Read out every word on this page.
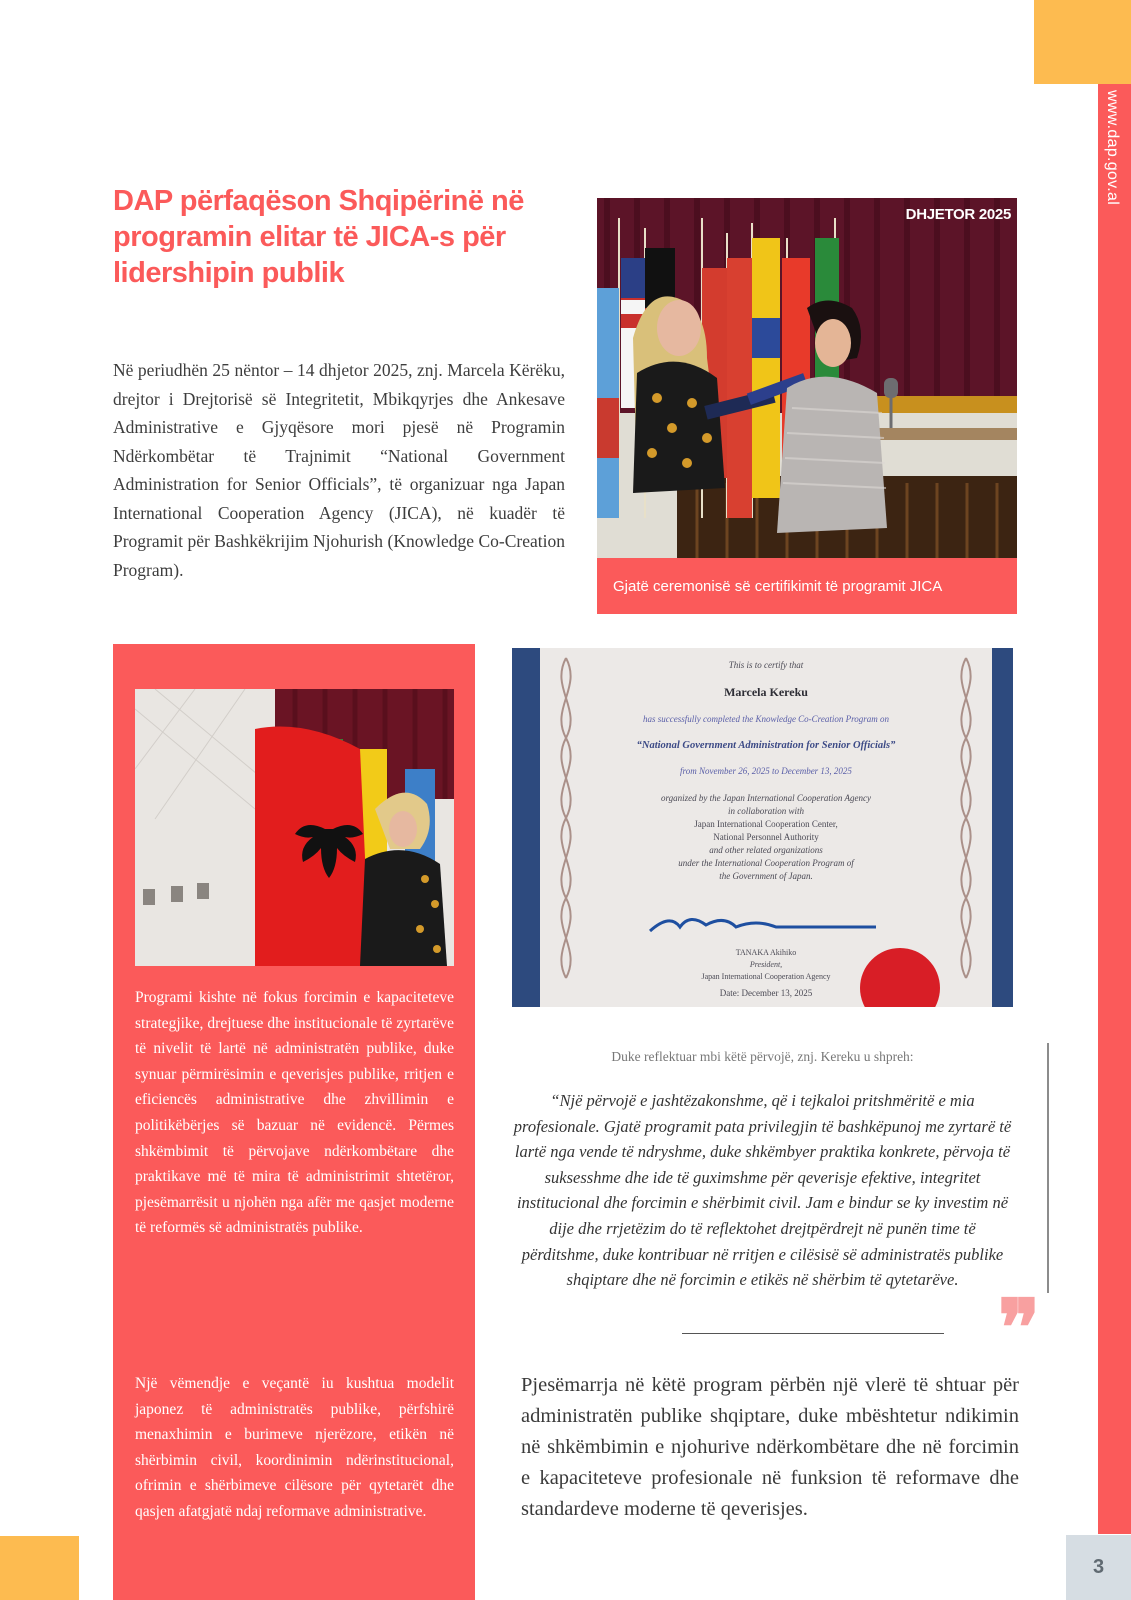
www.dap.gov.al
3
DAP përfaqëson Shqipërinë në programin elitar të JICA-s për lidershipin publik

Në periudhën 25 nëntor – 14 dhjetor 2025, znj. Marcela Kërëku, drejtor i Drejtorisë së Integritetit, Mbikqyrjes dhe Ankesave Administrative e Gjyqësore mori pjesë në Programin Ndërkombëtar të Trajnimit “National Government Administration for Senior Officials”, të organizuar nga Japan International Cooperation Agency (JICA), në kuadër të Programit për Bashkëkrijim Njohurish (Knowledge Co-Creation Program).

DHJETOR 2025
Gjatë ceremonisë së certifikimit të programit JICA

Programi kishte në fokus forcimin e kapaciteteve strategjike, drejtuese dhe institucionale të zyrtarëve të nivelit të lartë në administratën publike, duke synuar përmirësimin e qeverisjes publike, rritjen e eficiencës administrative dhe zhvillimin e politikëbërjes së bazuar në evidencë. Përmes shkëmbimit të përvojave ndërkombëtare dhe praktikave më të mira të administrimit shtetëror, pjesëmarrësit u njohën nga afër me qasjet moderne të reformës së administratës publike.

Një vëmendje e veçantë iu kushtua modelit japonez të administratës publike, përfshirë menaxhimin e burimeve njerëzore, etikën në shërbimin civil, koordinimin ndërinstitucional, ofrimin e shërbimeve cilësore për qytetarët dhe qasjen afatgjatë ndaj reformave administrative.

This is to certify that
Marcela Kereku
has successfully completed the Knowledge Co-Creation Program on
“National Government Administration for Senior Officials”
from November 26, 2025 to December 13, 2025
organized by the Japan International Cooperation Agency
in collaboration with
Japan International Cooperation Center,
National Personnel Authority
and other related organizations
under the International Cooperation Program of
the Government of Japan.
TANAKA Akihiko
President,
Japan International Cooperation Agency
Date: December 13, 2025
Duke reflektuar mbi këtë përvojë, znj. Kereku u shpreh:

“Një përvojë e jashtëzakonshme, që i tejkaloi pritshmëritë e mia profesionale. Gjatë programit pata privilegjin të bashkëpunoj me zyrtarë të lartë nga vende të ndryshme, duke shkëmbyer praktika konkrete, përvoja të suksesshme dhe ide të guximshme për qeverisje efektive, integritet institucional dhe forcimin e shërbimit civil. Jam e bindur se ky investim në dije dhe rrjetëzim do të reflektohet drejtpërdrejt në punën time të përditshme, duke kontribuar në rritjen e cilësisë së administratës publike shqiptare dhe në forcimin e etikës në shërbim të qytetarëve.

❞

Pjesëmarrja në këtë program përbën një vlerë të shtuar për administratën publike shqiptare, duke mbështetur ndikimin në shkëmbimin e njohurive ndërkombëtare dhe në forcimin e kapaciteteve profesionale në funksion të reformave dhe standardeve moderne të qeverisjes.
